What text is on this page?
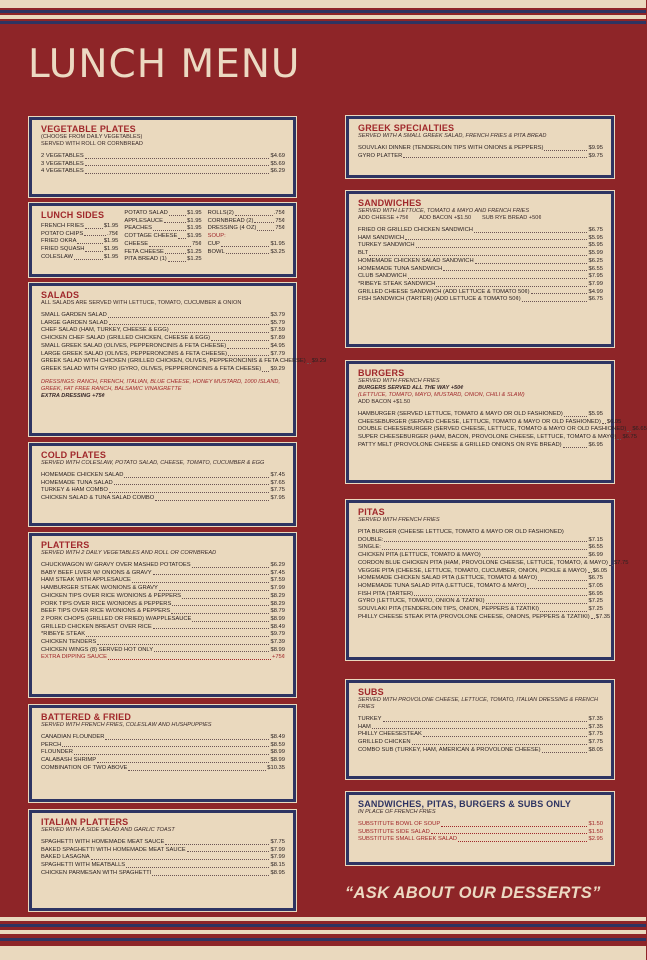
LUNCH MENU
VEGETABLE PLATES
(CHOOSE FROM DAILY VEGETABLES)
SERVED WITH ROLL OR CORNBREAD
2 VEGETABLES	$4.69
3 VEGETABLES	$5.69
4 VEGETABLES	$6.29
LUNCH SIDES
FRENCH FRIES	$1.95
POTATO CHIPS	.75¢
FRIED OKRA	$1.95
FRIED SQUASH	$1.95
COLESLAW	$1.95
POTATO SALAD	$1.95
APPLESAUCE	$1.95
PEACHES	$1.95
COTTAGE CHEESE $1.95
CHEESE	75¢
FETA CHEESE	$1.25
PITA BREAD (1)	$1.25
ROLLS(2)	.75¢
CORNBREAD (2)	75¢
DRESSING (4 OZ)	75¢
SOUP:
CUP	$1.95
BOWL	$3.25
SALADS
ALL SALADS ARE SERVED WITH LETTUCE, TOMATO, CUCUMBER & ONION
SMALL GARDEN SALAD	$3.79
LARGE GARDEN SALAD	$5.79
CHEF SALAD (HAM, TURKEY, CHEESE & EGG)	$7.59
CHICKEN CHEF SALAD (GRILLED CHICKEN, CHEESE & EGG)	$7.89
SMALL GREEK SALAD (OLIVES, PEPPERONCINIS & FETA CHEESE)	$4.95
LARGE GREEK SALAD (OLIVES, PEPPERONCINIS & FETA CHEESE)	$7.79
GREEK SALAD WITH CHICKEN (GRILLED CHICKEN, OLIVES, PEPPERONCINIS & FETA CHEESE) $9.29
GREEK SALAD WITH GYRO (GYRO, OLIVES, PEPPERONCINIS & FETA CHEESE) $9.29
DRESSINGS: RANCH, FRENCH, ITALIAN, BLUE CHEESE, HONEY MUSTARD, 1000 ISLAND, GREEK, FAT FREE RANCH, BALSAMIC VINAIGRETTE
EXTRA DRESSING +75¢
COLD PLATES
SERVED WITH COLESLAW, POTATO SALAD, CHEESE, TOMATO, CUCUMBER & EGG
HOMEMADE CHICKEN SALAD	$7.45
HOMEMADE TUNA SALAD	$7.65
TURKEY & HAM COMBO	$7.75
CHICKEN SALAD & TUNA SALAD COMBO	$7.95
PLATTERS
SERVED WITH 2 DAILY VEGETABLES AND ROLL OR CORNBREAD
CHUCKWAGON W/ GRAVY OVER MASHED POTATOES	$6.29
BABY BEEF LIVER W/ ONIONS & GRAVY	$7.45
HAM STEAK WITH APPLESAUCE	$7.59
HAMBURGER STEAK W/ONIONS & GRAVY	$7.99
CHICKEN TIPS OVER RICE W/ONIONS & PEPPERS	$8.29
PORK TIPS OVER RICE W/ONIONS & PEPPERS	$8.29
BEEF TIPS OVER RICE W/ONIONS & PEPPERS	$8.79
2 PORK CHOPS (GRILLED OR FRIED) W/APPLESAUCE	$8.99
GRILLED CHICKEN BREAST OVER RICE	$8.49
*RIBEYE STEAK	$9.79
CHICKEN TENDERS	$7.39
CHICKEN WINGS (8) SERVED HOT ONLY	$8.99
EXTRA DIPPING SAUCE	+75¢
BATTERED & FRIED
SERVED WITH FRENCH FRIES, COLESLAW AND HUSHPUPPIES
CANADIAN FLOUNDER	$8.49
PERCH	$8.59
FLOUNDER	$8.99
CALABASH SHRIMP	$8.99
COMBINATION OF TWO ABOVE	$10.35
ITALIAN PLATTERS
SERVED WITH A SIDE SALAD AND GARLIC TOAST
SPAGHETTI WITH HOMEMADE MEAT SAUCE	$7.75
BAKED SPAGHETTI WITH HOMEMADE MEAT SAUCE	$7.99
BAKED LASAGNA	$7.99
SPAGHETTI WITH MEATBALLS	$8.15
CHICKEN PARMESAN WITH SPAGHETTI	$8.95
GREEK SPECIALTIES
SERVED WITH A SMALL GREEK SALAD, FRENCH FRIES & PITA BREAD
SOUVLAKI DINNER (TENDERLOIN TIPS WITH ONIONS & PEPPERS)	$9.95
GYRO PLATTER	$9.75
SANDWICHES
SERVED WITH LETTUCE, TOMATO & MAYO AND FRENCH FRIES
ADD CHEESE +75¢       ADD BACON +$1.50       SUB RYE BREAD +50¢
FRIED OR GRILLED CHICKEN SANDWICH	$6.75
HAM SANDWICH	$5.95
TURKEY SANDWICH	$5.95
BLT	$5.99
HOMEMADE CHICKEN SALAD SANDWICH	$6.25
HOMEMADE TUNA SANDWICH	$6.55
CLUB SANDWICH	$7.95
*RIBEYE STEAK SANDWICH	$7.99
GRILLED CHEESE SANDWICH (ADD LETTUCE & TOMATO 50¢)	$4.99
FISH SANDWICH (TARTER) (ADD LETTUCE & TOMATO 50¢)	$6.75
BURGERS
SERVED WITH FRENCH FRIES
BURGERS SERVED ALL THE WAY +50¢
(LETTUCE, TOMATO, MAYO, MUSTARD, ONION, CHILI & SLAW)
ADD BACON +$1.50
HAMBURGER (SERVED LETTUCE, TOMATO & MAYO OR OLD FASHIONED)	$5.95
CHEESEBURGER (SERVED CHEESE, LETTUCE, TOMATO & MAYO OR OLD FASHIONED) $6.05
DOUBLE CHEESEBURGER (SERVED CHEESE, LETTUCE, TOMATO & MAYO OR OLD FASHIONED) $6.65
SUPER CHEESEBURGER (HAM, BACON, PROVOLONE CHEESE, LETTUCE, TOMATO & MAYO) $6.75
PATTY MELT (PROVOLONE CHEESE & GRILLED ONIONS ON RYE BREAD)	$6.95
PITAS
SERVED WITH FRENCH FRIES
PITA BURGER (CHEESE LETTUCE, TOMATO & MAYO OR OLD FASHIONED)
DOUBLE:	$7.15
SINGLE:	$6.55
CHICKEN PITA (LETTUCE, TOMATO & MAYO)	$6.99
CORDON BLUE CHICKEN PITA (HAM, PROVOLONE CHEESE, LETTUCE, TOMATO, & MAYO) $7.75
VEGGIE PITA (CHEESE, LETTUCE, TOMATO, CUCUMBER, ONION, PICKLE & MAYO) $6.05
HOMEMADE CHICKEN SALAD PITA (LETTUCE, TOMATO & MAYO)	$6.75
HOMEMADE TUNA SALAD PITA (LETTUCE, TOMATO & MAYO)	$7.05
FISH PITA (TARTER)	$6.95
GYRO (LETTUCE, TOMATO, ONION & TZATIKI)	$7.25
SOUVLAKI PITA (TENDERLOIN TIPS, ONION, PEPPERS & TZATIKI)	$7.25
PHILLY CHEESE STEAK PITA (PROVOLONE CHEESE, ONIONS, PEPPERS & TZATIKI) $7.35
SUBS
SERVED WITH PROVOLONE CHEESE, LETTUCE, TOMATO, ITALIAN DRESSING & FRENCH FRIES
TURKEY	$7.35
HAM	$7.35
PHILLY CHEESESTEAK	$7.75
GRILLED CHICKEN	$7.75
COMBO SUB (TURKEY, HAM, AMERICAN & PROVOLONE CHEESE)	$8.05
SANDWICHES, PITAS, BURGERS & SUBS ONLY
IN PLACE OF FRENCH FRIES
SUBSTITUTE BOWL OF SOUP	$1.50
SUBSTITUTE SIDE SALAD	$1.50
SUBSTITUTE SMALL GREEK SALAD	$2.95
“ASK ABOUT OUR DESSERTS”
